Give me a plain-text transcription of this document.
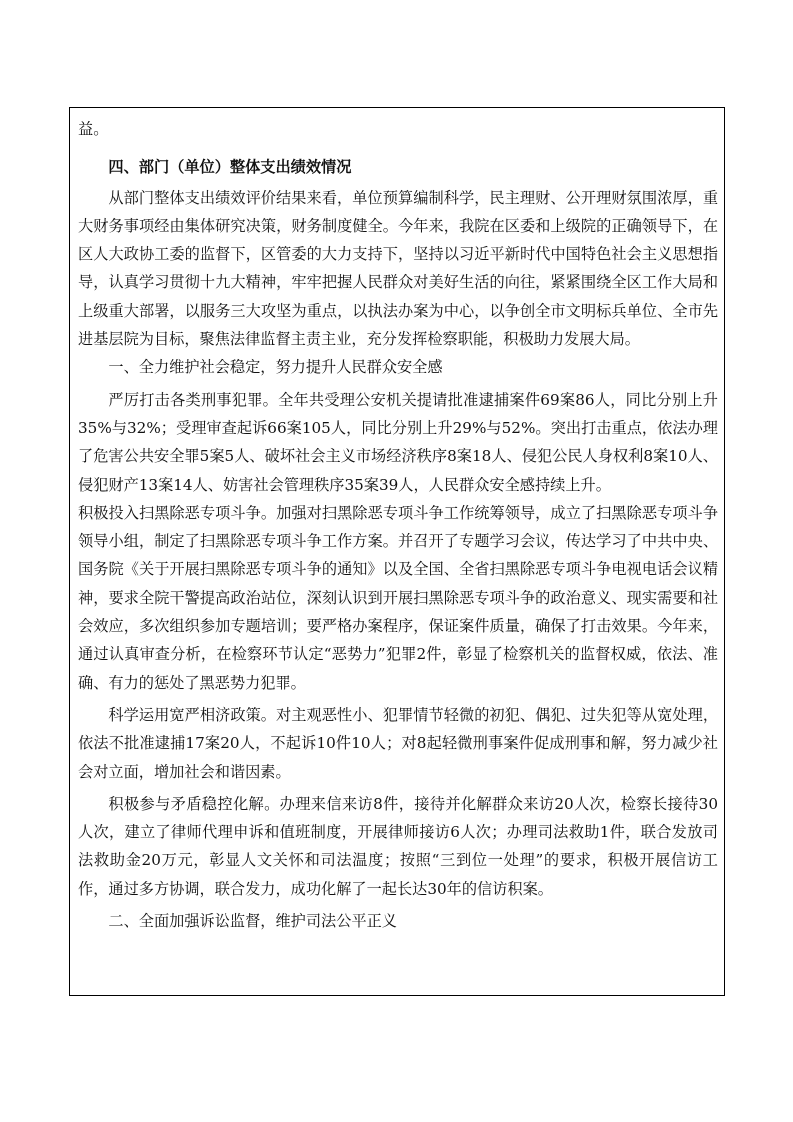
益。

四、部门（单位）整体支出绩效情况

从部门整体支出绩效评价结果来看，单位预算编制科学，民主理财、公开理财氛围浓厚，重大财务事项经由集体研究决策，财务制度健全。今年来，我院在区委和上级院的正确领导下，在区人大政协工委的监督下，区管委的大力支持下，坚持以习近平新时代中国特色社会主义思想指导，认真学习贯彻十九大精神，牢牢把握人民群众对美好生活的向往，紧紧围绕全区工作大局和上级重大部署，以服务三大攻坚为重点，以执法办案为中心，以争创全市文明标兵单位、全市先进基层院为目标，聚焦法律监督主责主业，充分发挥检察职能，积极助力发展大局。

一、全力维护社会稳定，努力提升人民群众安全感

严厉打击各类刑事犯罪。全年共受理公安机关提请批准逮捕案件69案86人，同比分别上升35%与32%；受理审查起诉66案105人，同比分别上升29%与52%。突出打击重点，依法办理了危害公共安全罪5案5人、破坏社会主义市场经济秩序8案18人、侵犯公民人身权利8案10人、侵犯财产13案14人、妨害社会管理秩序35案39人，人民群众安全感持续上升。

积极投入扫黑除恶专项斗争。加强对扫黑除恶专项斗争工作统筹领导，成立了扫黑除恶专项斗争领导小组，制定了扫黑除恶专项斗争工作方案。并召开了专题学习会议，传达学习了中共中央、国务院《关于开展扫黑除恶专项斗争的通知》以及全国、全省扫黑除恶专项斗争电视电话会议精神，要求全院干警提高政治站位，深刻认识到开展扫黑除恶专项斗争的政治意义、现实需要和社会效应，多次组织参加专题培训；要严格办案程序，保证案件质量，确保了打击效果。今年来，通过认真审查分析，在检察环节认定“恶势力”犯罪2件，彰显了检察机关的监督权威，依法、准确、有力的惩处了黑恶势力犯罪。

科学运用宽严相济政策。对主观恶性小、犯罪情节轻微的初犯、偶犯、过失犯等从宽处理，依法不批准逮捕17案20人，不起诉10件10人；对8起轻微刑事案件促成刑事和解，努力减少社会对立面，增加社会和谐因素。

积极参与矛盾稳控化解。办理来信来访8件，接待并化解群众来访20人次，检察长接待30人次，建立了律师代理申诉和值班制度，开展律师接访6人次；办理司法救助1件，联合发放司法救助金20万元，彰显人文关怀和司法温度；按照“三到位一处理”的要求，积极开展信访工作，通过多方协调，联合发力，成功化解了一起长达30年的信访积案。

二、全面加强诉讼监督，维护司法公平正义
